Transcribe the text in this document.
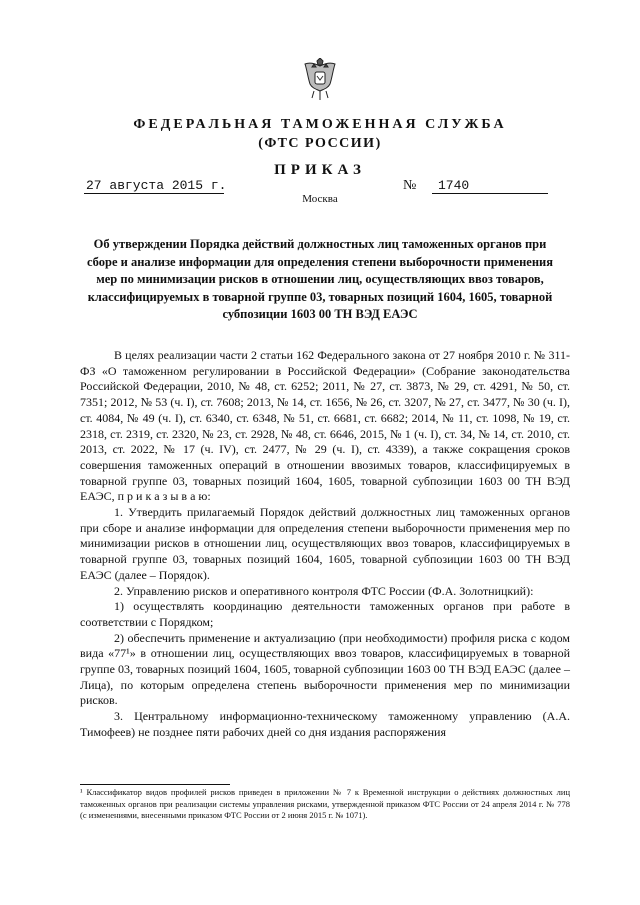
ФЕДЕРАЛЬНАЯ ТАМОЖЕННАЯ СЛУЖБА
(ФТС РОССИИ)
ПРИКАЗ
27 августа 2015 г.	№	1740
Москва
Об утверждении Порядка действий должностных лиц таможенных органов при сборе и анализе информации для определения степени выборочности применения мер по минимизации рисков в отношении лиц, осуществляющих ввоз товаров, классифицируемых в товарной группе 03, товарных позиций 1604, 1605, товарной субпозиции 1603 00 ТН ВЭД ЕАЭС

В целях реализации части 2 статьи 162 Федерального закона от 27 ноября 2010 г. № 311-ФЗ «О таможенном регулировании в Российской Федерации» (Собрание законодательства Российской Федерации, 2010, № 48, ст. 6252; 2011, № 27, ст. 3873, № 29, ст. 4291, № 50, ст. 7351; 2012, № 53 (ч. I), ст. 7608; 2013, № 14, ст. 1656, № 26, ст. 3207, № 27, ст. 3477, № 30 (ч. I), ст. 4084, № 49 (ч. I), ст. 6340, ст. 6348, № 51, ст. 6681, ст. 6682; 2014, № 11, ст. 1098, № 19, ст. 2318, ст. 2319, ст. 2320, № 23, ст. 2928, № 48, ст. 6646, 2015, № 1 (ч. I), ст. 34, № 14, ст. 2010, ст. 2013, ст. 2022, № 17 (ч. IV), ст. 2477, № 29 (ч. I), ст. 4339), а также сокращения сроков совершения таможенных операций в отношении ввозимых товаров, классифицируемых в товарной группе 03, товарных позиций 1604, 1605, товарной субпозиции 1603 00 ТН ВЭД ЕАЭС, п р и к а з ы в а ю:

1. Утвердить прилагаемый Порядок действий должностных лиц таможенных органов при сборе и анализе информации для определения степени выборочности применения мер по минимизации рисков в отношении лиц, осуществляющих ввоз товаров, классифицируемых в товарной группе 03, товарных позиций 1604, 1605, товарной субпозиции 1603 00 ТН ВЭД ЕАЭС (далее – Порядок).

2. Управлению рисков и оперативного контроля ФТС России (Ф.А. Золотницкий):

1) осуществлять координацию деятельности таможенных органов при работе в соответствии с Порядком;

2) обеспечить применение и актуализацию (при необходимости) профиля риска с кодом вида «77¹» в отношении лиц, осуществляющих ввоз товаров, классифицируемых в товарной группе 03, товарных позиций 1604, 1605, товарной субпозиции 1603 00 ТН ВЭД ЕАЭС (далее – Лица), по которым определена степень выборочности применения мер по минимизации рисков.

3. Центральному информационно-техническому таможенному управлению (А.А. Тимофеев) не позднее пяти рабочих дней со дня издания распоряжения

¹ Классификатор видов профилей рисков приведен в приложении № 7 к Временной инструкции о действиях должностных лиц таможенных органов при реализации системы управления рисками, утвержденной приказом ФТС России от 24 апреля 2014 г. № 778 (с изменениями, внесенными приказом ФТС России от 2 июня 2015 г. № 1071).
